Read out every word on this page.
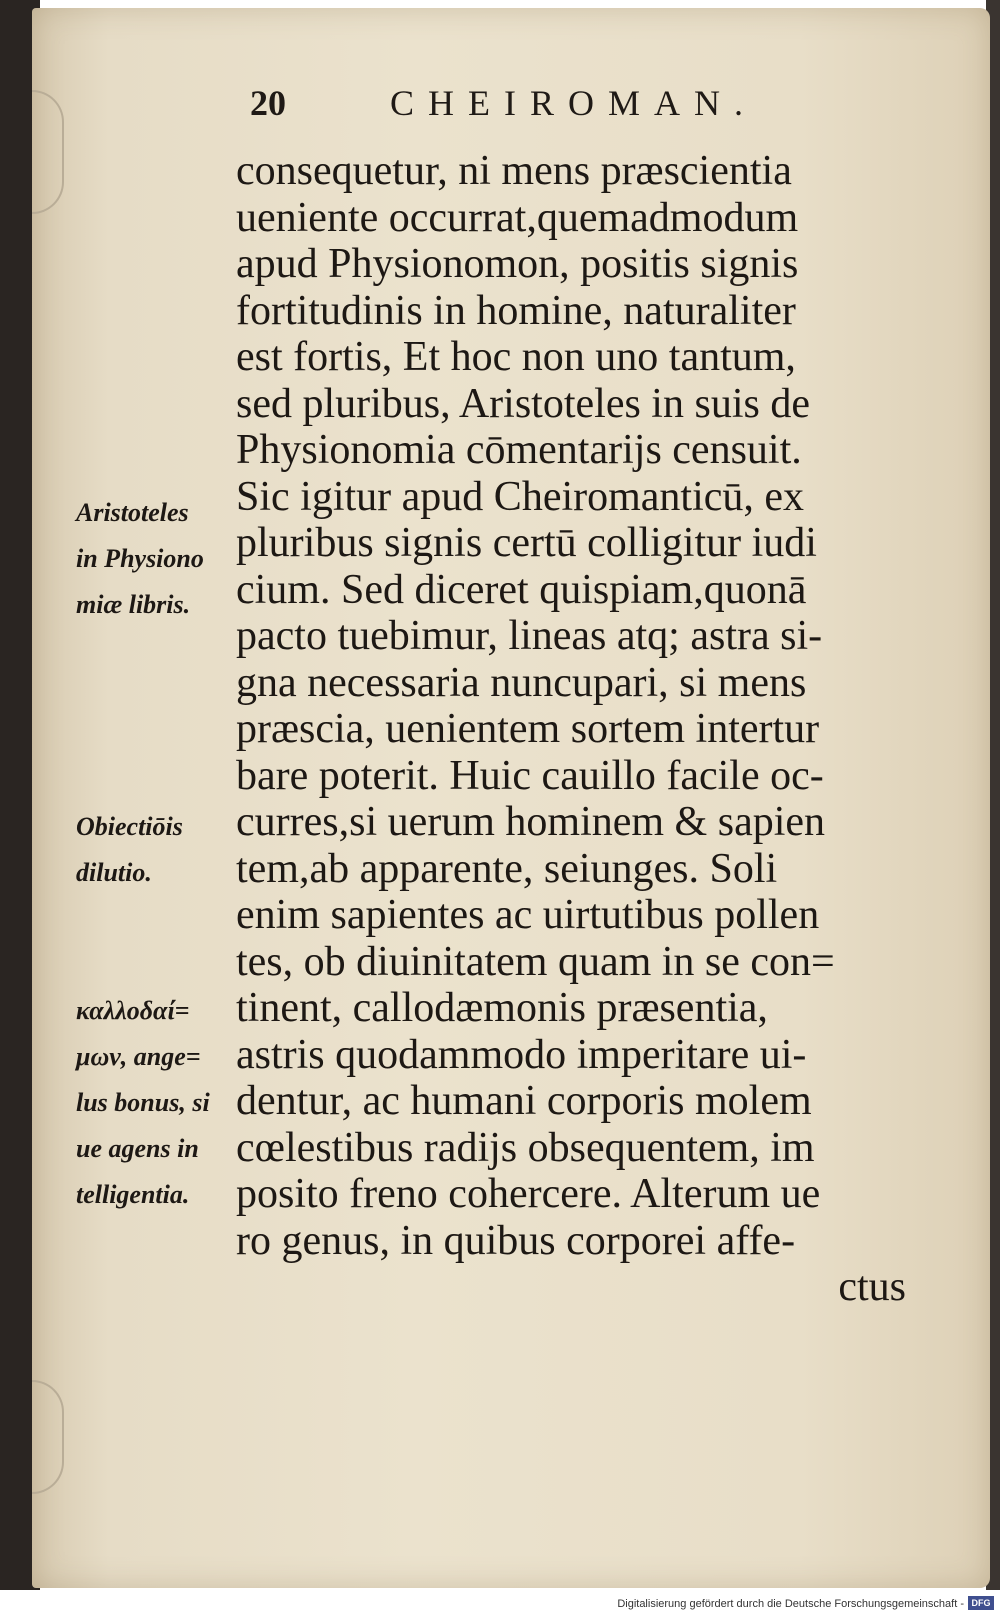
20	CHEIROMAN.
consequetur, ni mens præscientia
ueniente occurrat,quemadmodum
apud Physionomon, positis signis
fortitudinis in homine, naturaliter
est fortis, Et hoc non uno tantum,
sed pluribus, Aristoteles in suis de
Physionomia cōmentarijs censuit.
Sic igitur apud Cheiromanticū, ex
pluribus signis certū colligitur iudi
cium. Sed diceret quispiam,quonā
pacto tuebimur, lineas atq; astra si-
gna necessaria nuncupari, si mens
præscia, uenientem sortem intertur
bare poterit. Huic cauillo facile oc-
curres,si uerum hominem & sapien
tem,ab apparente, seiunges. Soli
enim sapientes ac uirtutibus pollen
tes, ob diuinitatem quam in se con=
tinent, callodæmonis præsentia,
astris quodammodo imperitare ui-
dentur, ac humani corporis molem
cœlestibus radijs obsequentem, im
posito freno cohercere. Alterum ue
ro genus, in quibus corporei affe-
ctus
Aristoteles
in Physiono
miæ libris.
Obiectiōis
dilutio.
καλλοδαί=
μων, ange=
lus bonus, si
ue agens in
telligentia.
Digitalisierung gefördert durch die Deutsche Forschungsgemeinschaft - DFG
